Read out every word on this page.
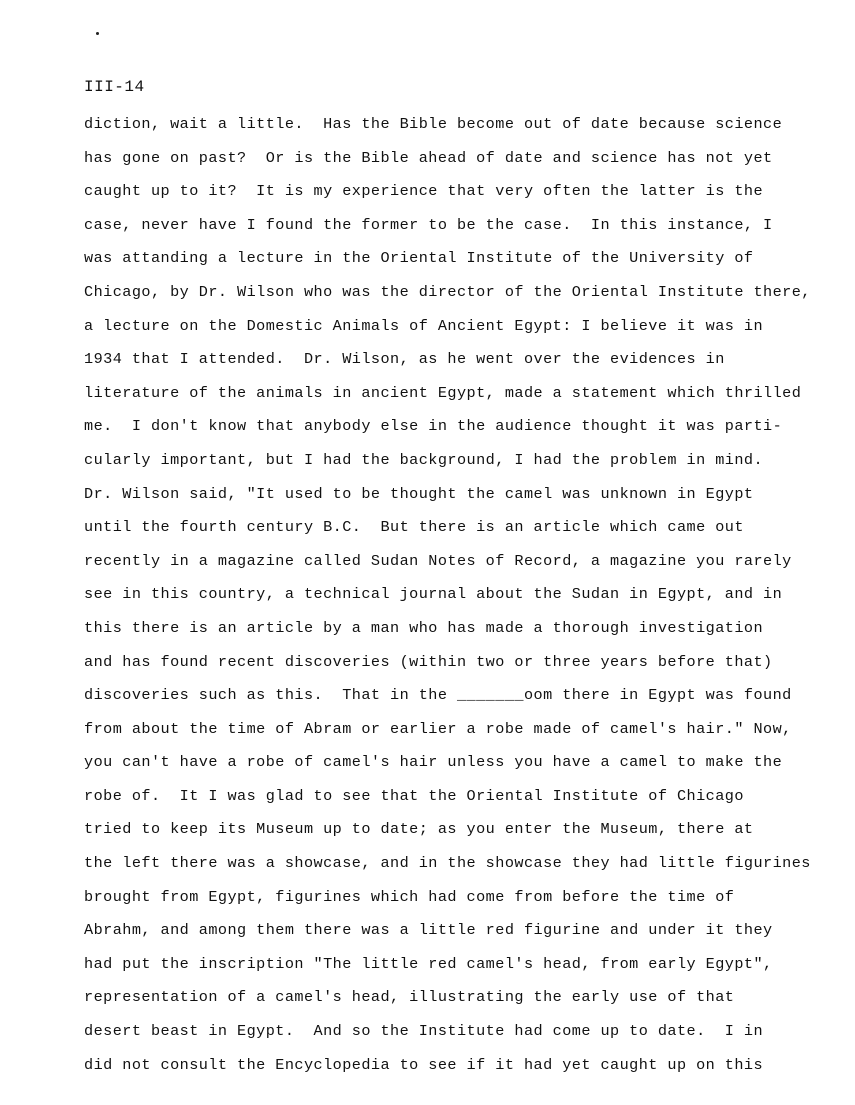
III-14
diction, wait a little.  Has the Bible become out of date because science
has gone on past?  Or is the Bible ahead of date and science has not yet
caught up to it?  It is my experience that very often the latter is the
case, never have I found the former to be the case.  In this instance, I
was attanding a lecture in the Oriental Institute of the University of
Chicago, by Dr. Wilson who was the director of the Oriental Institute there,
a lecture on the Domestic Animals of Ancient Egypt: I believe it was in
1934 that I attended.  Dr. Wilson, as he went over the evidences in
literature of the animals in ancient Egypt, made a statement which thrilled
me.  I don't know that anybody else in the audience thought it was parti-
cularly important, but I had the background, I had the problem in mind.
Dr. Wilson said, "It used to be thought the camel was unknown in Egypt
until the fourth century B.C.  But there is an article which came out
recently in a magazine called Sudan Notes of Record, a magazine you rarely
see in this country, a technical journal about the Sudan in Egypt, and in
this there is an article by a man who has made a thorough investigation
and has found recent discoveries (within two or three years before that)
discoveries such as this.  That in the _______oom there in Egypt was found
from about the time of Abram or earlier a robe made of camel's hair." Now,
you can't have a robe of camel's hair unless you have a camel to make the
robe of.  It I was glad to see that the Oriental Institute of Chicago
tried to keep its Museum up to date; as you enter the Museum, there at
the left there was a showcase, and in the showcase they had little figurines
brought from Egypt, figurines which had come from before the time of
Abrahm, and among them there was a little red figurine and under it they
had put the inscription "The little red camel's head, from early Egypt",
representation of a camel's head, illustrating the early use of that
desert beast in Egypt.  And so the Institute had come up to date.  I in
did not consult the Encyclopedia to see if it had yet caught up on this
